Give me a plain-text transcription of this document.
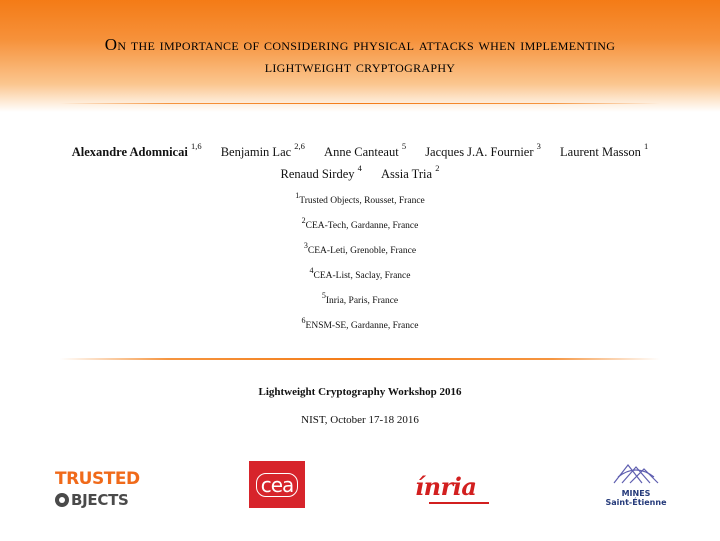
On the importance of considering physical attacks when implementing
lightweight cryptography
Alexandre Adomnicai $^{1,6}$ Benjamin Lac $^{2,6}$ Anne Canteaut $^5$ Jacques J.A. Fournier $^3$ Laurent Masson $^1$
Renaud Sirdey $^4$ Assia Tria $^2$
$^1$Trusted Objects, Rousset, France
$^2$CEA-Tech, Gardanne, France
$^3$CEA-Leti, Grenoble, France
$^4$CEA-List, Saclay, France
$^5$Inria, Paris, France
$^6$ENSM-SE, Gardanne, France
Lightweight Cryptography Workshop 2016
NIST, October 17-18 2016
TRUSTED
BJECTS
cea	ínria	MINES
Saint-Étienne
